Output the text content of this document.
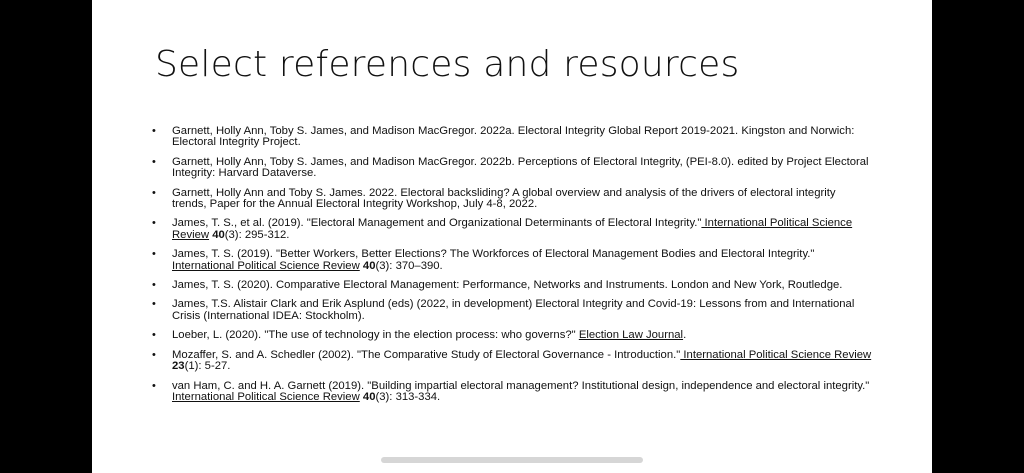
Select references and resources
• Garnett, Holly Ann, Toby S. James, and Madison MacGregor. 2022a. Electoral Integrity Global Report 2019-2021. Kingston and Norwich: Electoral Integrity Project.
• Garnett, Holly Ann, Toby S. James, and Madison MacGregor. 2022b. Perceptions of Electoral Integrity, (PEI-8.0). edited by Project Electoral Integrity: Harvard Dataverse.
• Garnett, Holly Ann and Toby S. James. 2022. Electoral backsliding? A global overview and analysis of the drivers of electoral integrity trends, Paper for the Annual Electoral Integrity Workshop, July 4-8, 2022.
• James, T. S., et al. (2019). "Electoral Management and Organizational Determinants of Electoral Integrity." International Political Science Review 40(3): 295-312.
• James, T. S. (2019). "Better Workers, Better Elections? The Workforces of Electoral Management Bodies and Electoral Integrity." International Political Science Review 40(3): 370–390.
• James, T. S. (2020). Comparative Electoral Management: Performance, Networks and Instruments. London and New York, Routledge.
• James, T.S. Alistair Clark and Erik Asplund (eds) (2022, in development) Electoral Integrity and Covid-19: Lessons from and International Crisis (International IDEA: Stockholm).
• Loeber, L. (2020). "The use of technology in the election process: who governs?" Election Law Journal.
• Mozaffer, S. and A. Schedler (2002). "The Comparative Study of Electoral Governance - Introduction." International Political Science Review 23(1): 5-27.
• van Ham, C. and H. A. Garnett (2019). "Building impartial electoral management? Institutional design, independence and electoral integrity." International Political Science Review 40(3): 313-334.
